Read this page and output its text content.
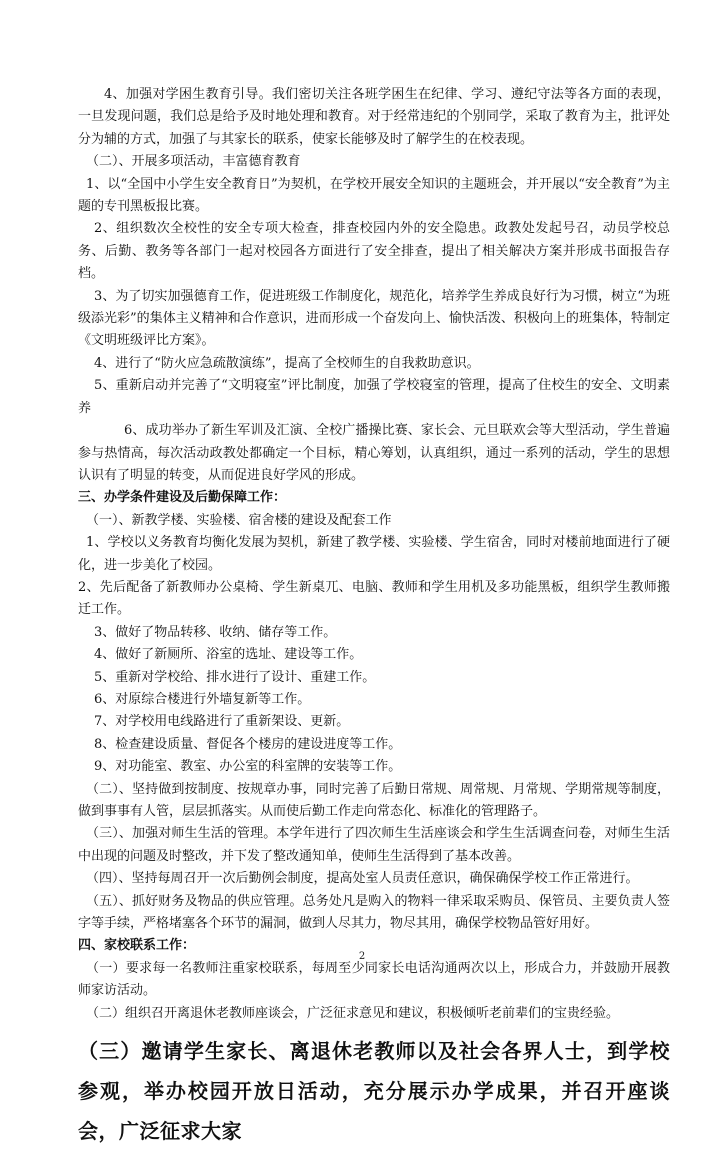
4、加强对学困生教育引导。我们密切关注各班学困生在纪律、学习、遵纪守法等各方面的表现，一旦发现问题，我们总是给予及时地处理和教育。对于经常违纪的个别同学，采取了教育为主，批评处分为辅的方式，加强了与其家长的联系，使家长能够及时了解学生的在校表现。

（二）、开展多项活动，丰富德育教育

1、以“全国中小学生安全教育日”为契机，在学校开展安全知识的主题班会，并开展以“安全教育”为主题的专刊黑板报比赛。

2、组织数次全校性的安全专项大检查，排查校园内外的安全隐患。政教处发起号召，动员学校总务、后勤、教务等各部门一起对校园各方面进行了安全排查，提出了相关解决方案并形成书面报告存档。

3、为了切实加强德育工作，促进班级工作制度化，规范化，培养学生养成良好行为习惯，树立“为班级添光彩”的集体主义精神和合作意识，进而形成一个奋发向上、愉快活泼、积极向上的班集体，特制定《文明班级评比方案》。

4、进行了“防火应急疏散演练”，提高了全校师生的自我救助意识。

5、重新启动并完善了“文明寝室”评比制度，加强了学校寝室的管理，提高了住校生的安全、文明素养

6、成功举办了新生军训及汇演、全校广播操比赛、家长会、元旦联欢会等大型活动，学生普遍参与热情高，每次活动政教处都确定一个目标，精心筹划，认真组织，通过一系列的活动，学生的思想认识有了明显的转变，从而促进良好学风的形成。

三、办学条件建设及后勤保障工作：

（一）、新教学楼、实验楼、宿舍楼的建设及配套工作

1、学校以义务教育均衡化发展为契机，新建了教学楼、实验楼、学生宿舍，同时对楼前地面进行了硬化，进一步美化了校园。

2、先后配备了新教师办公桌椅、学生新桌兀、电脑、教师和学生用机及多功能黑板，组织学生教师搬迁工作。

3、做好了物品转移、收纳、储存等工作。

4、做好了新厕所、浴室的选址、建设等工作。

5、重新对学校给、排水进行了设计、重建工作。

6、对原综合楼进行外墙复新等工作。

7、对学校用电线路进行了重新架设、更新。

8、检查建设质量、督促各个楼房的建设进度等工作。

9、对功能室、教室、办公室的科室牌的安装等工作。

（二）、坚持做到按制度、按规章办事，同时完善了后勤日常规、周常规、月常规、学期常规等制度，做到事事有人管，层层抓落实。从而使后勤工作走向常态化、标准化的管理路子。

（三）、加强对师生生活的管理。本学年进行了四次师生生活座谈会和学生生活调查问卷，对师生生活中出现的问题及时整改，并下发了整改通知单，使师生生活得到了基本改善。

（四）、坚持每周召开一次后勤例会制度，提高处室人员责任意识，确保确保学校工作正常进行。

（五）、抓好财务及物品的供应管理。总务处凡是购入的物料一律采取采购员、保管员、主要负责人签字等手续，严格堵塞各个环节的漏洞，做到人尽其力，物尽其用，确保学校物品管好用好。

四、家校联系工作：

（一）要求每一名教师注重家校联系，每周至少同家长电话沟通两次以上，形成合力，并鼓励开展教师家访活动。

（二）组织召开离退休老教师座谈会，广泛征求意见和建议，积极倾听老前辈们的宝贵经验。

（三）邀请学生家长、离退休老教师以及社会各界人士，到学校参观，举办校园开放日活动，充分展示办学成果，并召开座谈会，广泛征求大家

2
